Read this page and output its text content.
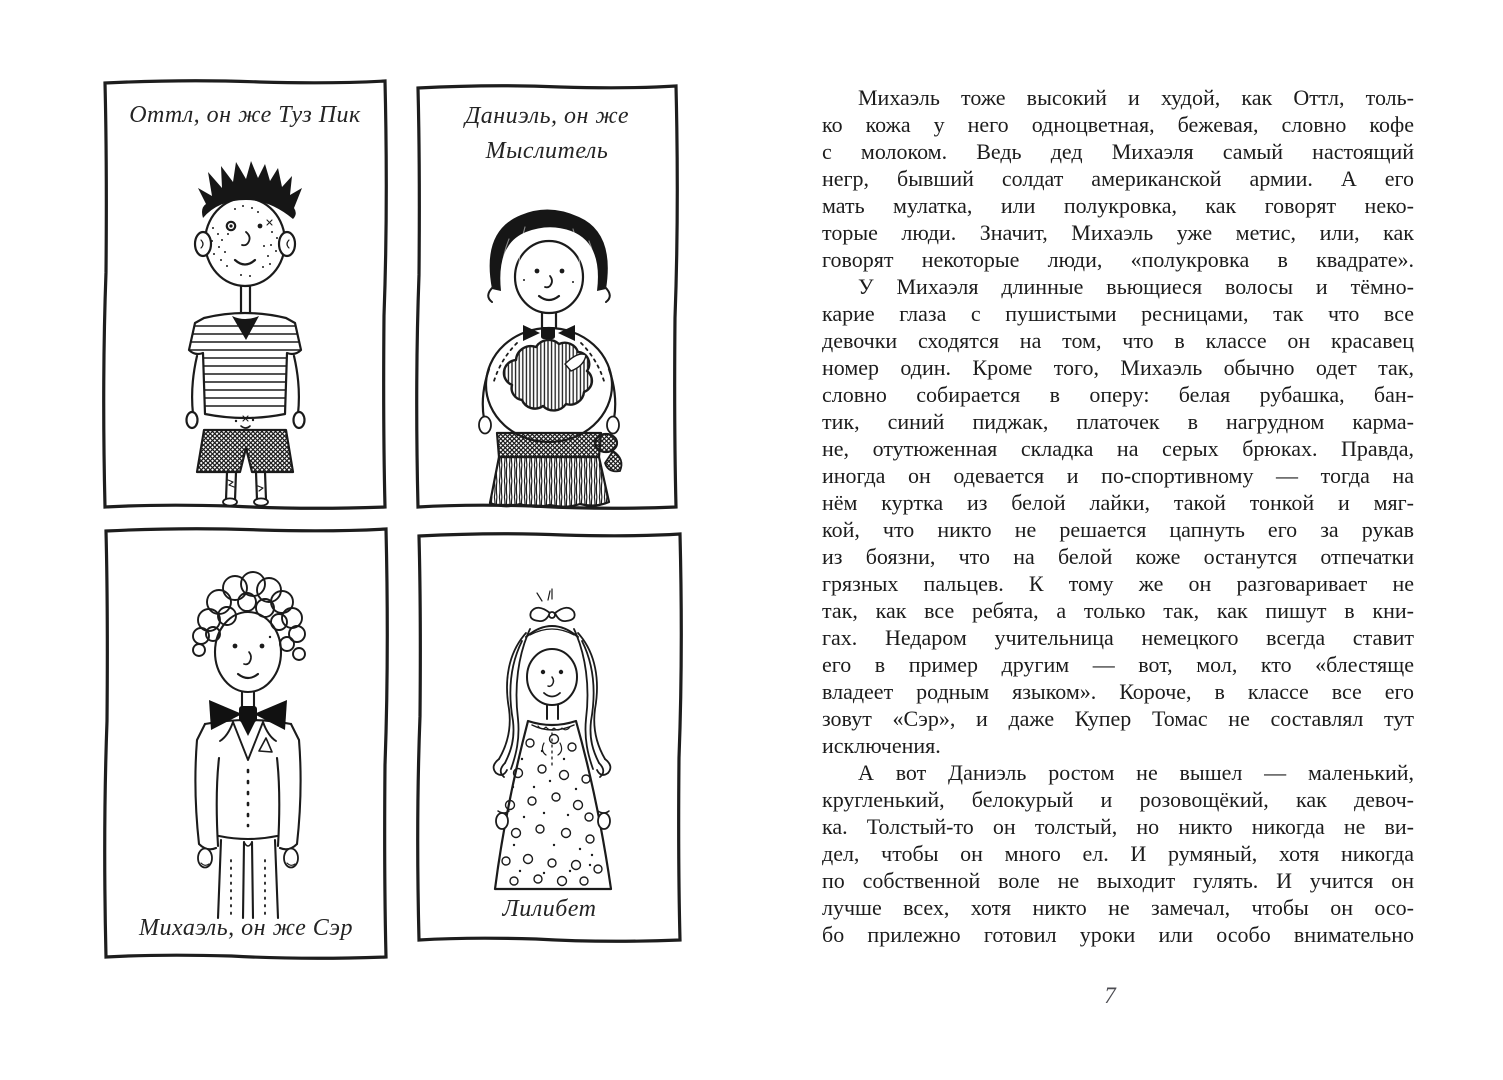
Оттл, он же Туз Пик	Даниэль, он же
Мыслитель
Михаэль, он же Сэр
Лилибет
Михаэль тоже высокий и худой, как Оттл, толь-
ко кожа у него одноцветная, бежевая, словно кофе
с молоком. Ведь дед Михаэля самый настоящий
негр, бывший солдат американской армии. А его
мать мулатка, или полукровка, как говорят неко-
торые люди. Значит, Михаэль уже метис, или, как
говорят некоторые люди, «полукровка в квадрате».
У Михаэля длинные вьющиеся волосы и тёмно-
карие глаза с пушистыми ресницами, так что все
девочки сходятся на том, что в классе он красавец
номер один. Кроме того, Михаэль обычно одет так,
словно собирается в оперу: белая рубашка, бан-
тик, синий пиджак, платочек в нагрудном карма-
не, отутюженная складка на серых брюках. Правда,
иногда он одевается и по-спортивному — тогда на
нём куртка из белой лайки, такой тонкой и мяг-
кой, что никто не решается цапнуть его за рукав
из боязни, что на белой коже останутся отпечатки
грязных пальцев. К тому же он разговаривает не
так, как все ребята, а только так, как пишут в кни-
гах. Недаром учительница немецкого всегда ставит
его в пример другим — вот, мол, кто «блестяще
владеет родным языком». Короче, в классе все его
зовут «Сэр», и даже Купер Томас не составлял тут
исключения.
А вот Даниэль ростом не вышел — маленький,
кругленький, белокурый и розовощёкий, как девоч-
ка. Толстый-то он толстый, но никто никогда не ви-
дел, чтобы он много ел. И румяный, хотя никогда
по собственной воле не выходит гулять. И учится он
лучше всех, хотя никто не замечал, чтобы он осо-
бо прилежно готовил уроки или особо внимательно
7
